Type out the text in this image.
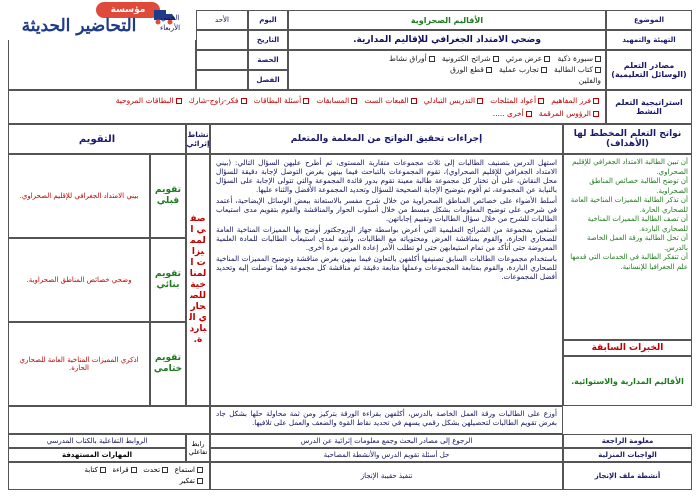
مؤسسة
التحاضير الحديثة	الموضوع
التهيئة والتمهيد
مصادر التعلم (الوسائل التعليمية)
استراتيجية التعلم النشط
الأقاليم الصحراوية
وضحي الامتداد الجغرافي للإقاليم المدارية.
اليوم
التاريخ
الحصة
الفصل
الأحد
الخمي
الأربعاء
سبورة ذكية   عرض مرئي   شرائح الكترونية   أوراق نشاط
كتاب الطالبة   تجارب عملية   قطع الورق
والفلين
فرز المفاهيم   أعواد المثلجات   التدريس التبادلي   القبعات الست   المسابقات   أسئلة البطاقات   فكر-زاوج-شارك   البطاقات المروحية
الرؤوس المرقمة   أخرى .....
نواتج التعلم المخطط لها (الأهداف)
إجراءات تحقيق النواتج من المعلمة والمتعلم
نشاط إثرائي
التقويم
أن تبين الطالبة الامتداد الجغرافي للإقليم الصحراوي.
أن توضح الطالبة خصائص المناطق الصحراوية.
أن تذكر الطالبة المميزات المناخية العامة للصحاري الحارة.
أن تصف الطالبة المميزات المناخية للصحاري الباردة.
أن تحل الطالبة ورقة العمل الخاصة بالدرس.
أن تتفكر الطالبة في الخدمات التي قدمها علم الجغرافيا للإنسانية.
الخبرات السابقة
الأقاليم المدارية والاستوائية.

استهل الدرس بتصنيف الطالبات إلى ثلاث مجموعات متقاربة المستوى، ثم أطرح عليهن السؤال التالي: (بيني الامتداد الجغرافي للإقليم الصحراوي)، تقوم المجموعات بالتباحث فيما بينهن بغرض التوصل لإجابة دقيقة للسؤال محل النقاش، على أن تختار كل مجموعة طالبة معينة تقوم بدور قائدة المجموعة والتي تتولى الإجابة على السؤال بالنيابة عن المجموعة، ثم أقوم بتوضيح الإجابة الصحيحة للسؤال وتحديد المجموعة الأفضل والثناء عليها.

أسلط الأضواء على خصائص المناطق الصحراوية من خلال شرح مفسر بالاستعانة ببعض الوسائل الإيضاحية، أعتمد في شرحي على توضيح المعلومات بشكل مبسط من خلال أسلوب الحوار والمناقشة والقوم بتقويم مدى استيعاب الطالبات للشرح من خلال سؤال الطالبات وتقييم إجاباتهن.

أستعين بمجموعة من الشرائح التعليمية التي أعرض بواسطة جهاز البروجكتور أوضح بها المميزات المناخية العامة للصحاري الحارة، والقوم بمناقشة العرض ومحتوياته مع الطالبات، وأنتبه لمدى استيعاب الطالبات للمادة العلمية المعروضة حتى أتأكد من تمام استيعابهن حتى لو تطلب الأمر إعادة العرض مرة أخرى.

باستخدام مجموعات الطالبات السابق تصنيفها أكلفهن بالتعاون فيما بينهن بغرض مناقشة وتوضيح المميزات المناخية للصحاري الباردة، والقوم بمتابعة المجموعات وعملها متابعة دقيقة ثم مناقشة كل مجموعة فيما توصلت إليه وتحديد أفضل المجموعات.

أوزع على الطالبات ورقة العمل الخاصة بالدرس، أكلفهن بقراءة الورقة بتركيز ومن ثمة محاولة حلها بشكل جاد بغرض تقويم الطالبات لتحصيلهن بشكل رقمي يسهم في تحديد نقاط القوة والضعف والعمل على تلافيها.
صفي المميزات المناخية للصحاري الباردة.
تقويم قبلي
بيني الامتداد الجغرافي للإقليم الصحراوي.
تقويم بنائي
وضحي خصائص المناطق الصحراوية.
تقويم ختامي
اذكري المميزات المناخية العامة للصحاري الحارة.
معلومة الراجعة
الرجوع إلى مصادر البحث وجمع معلومات إثرائية عن الدرس
رابط تفاعلي
الروابط التفاعلية بالكتاب المدرسي
الواجبات المنزلية
حل أسئلة تقويم الدرس والأنشطة المصاحبة
المهارات المستهدفة
أنشطة ملف الإنجاز
تنفيذ حقيبة الإنجاز
استماع   تحدث   قراءة   كتابة
تفكير
